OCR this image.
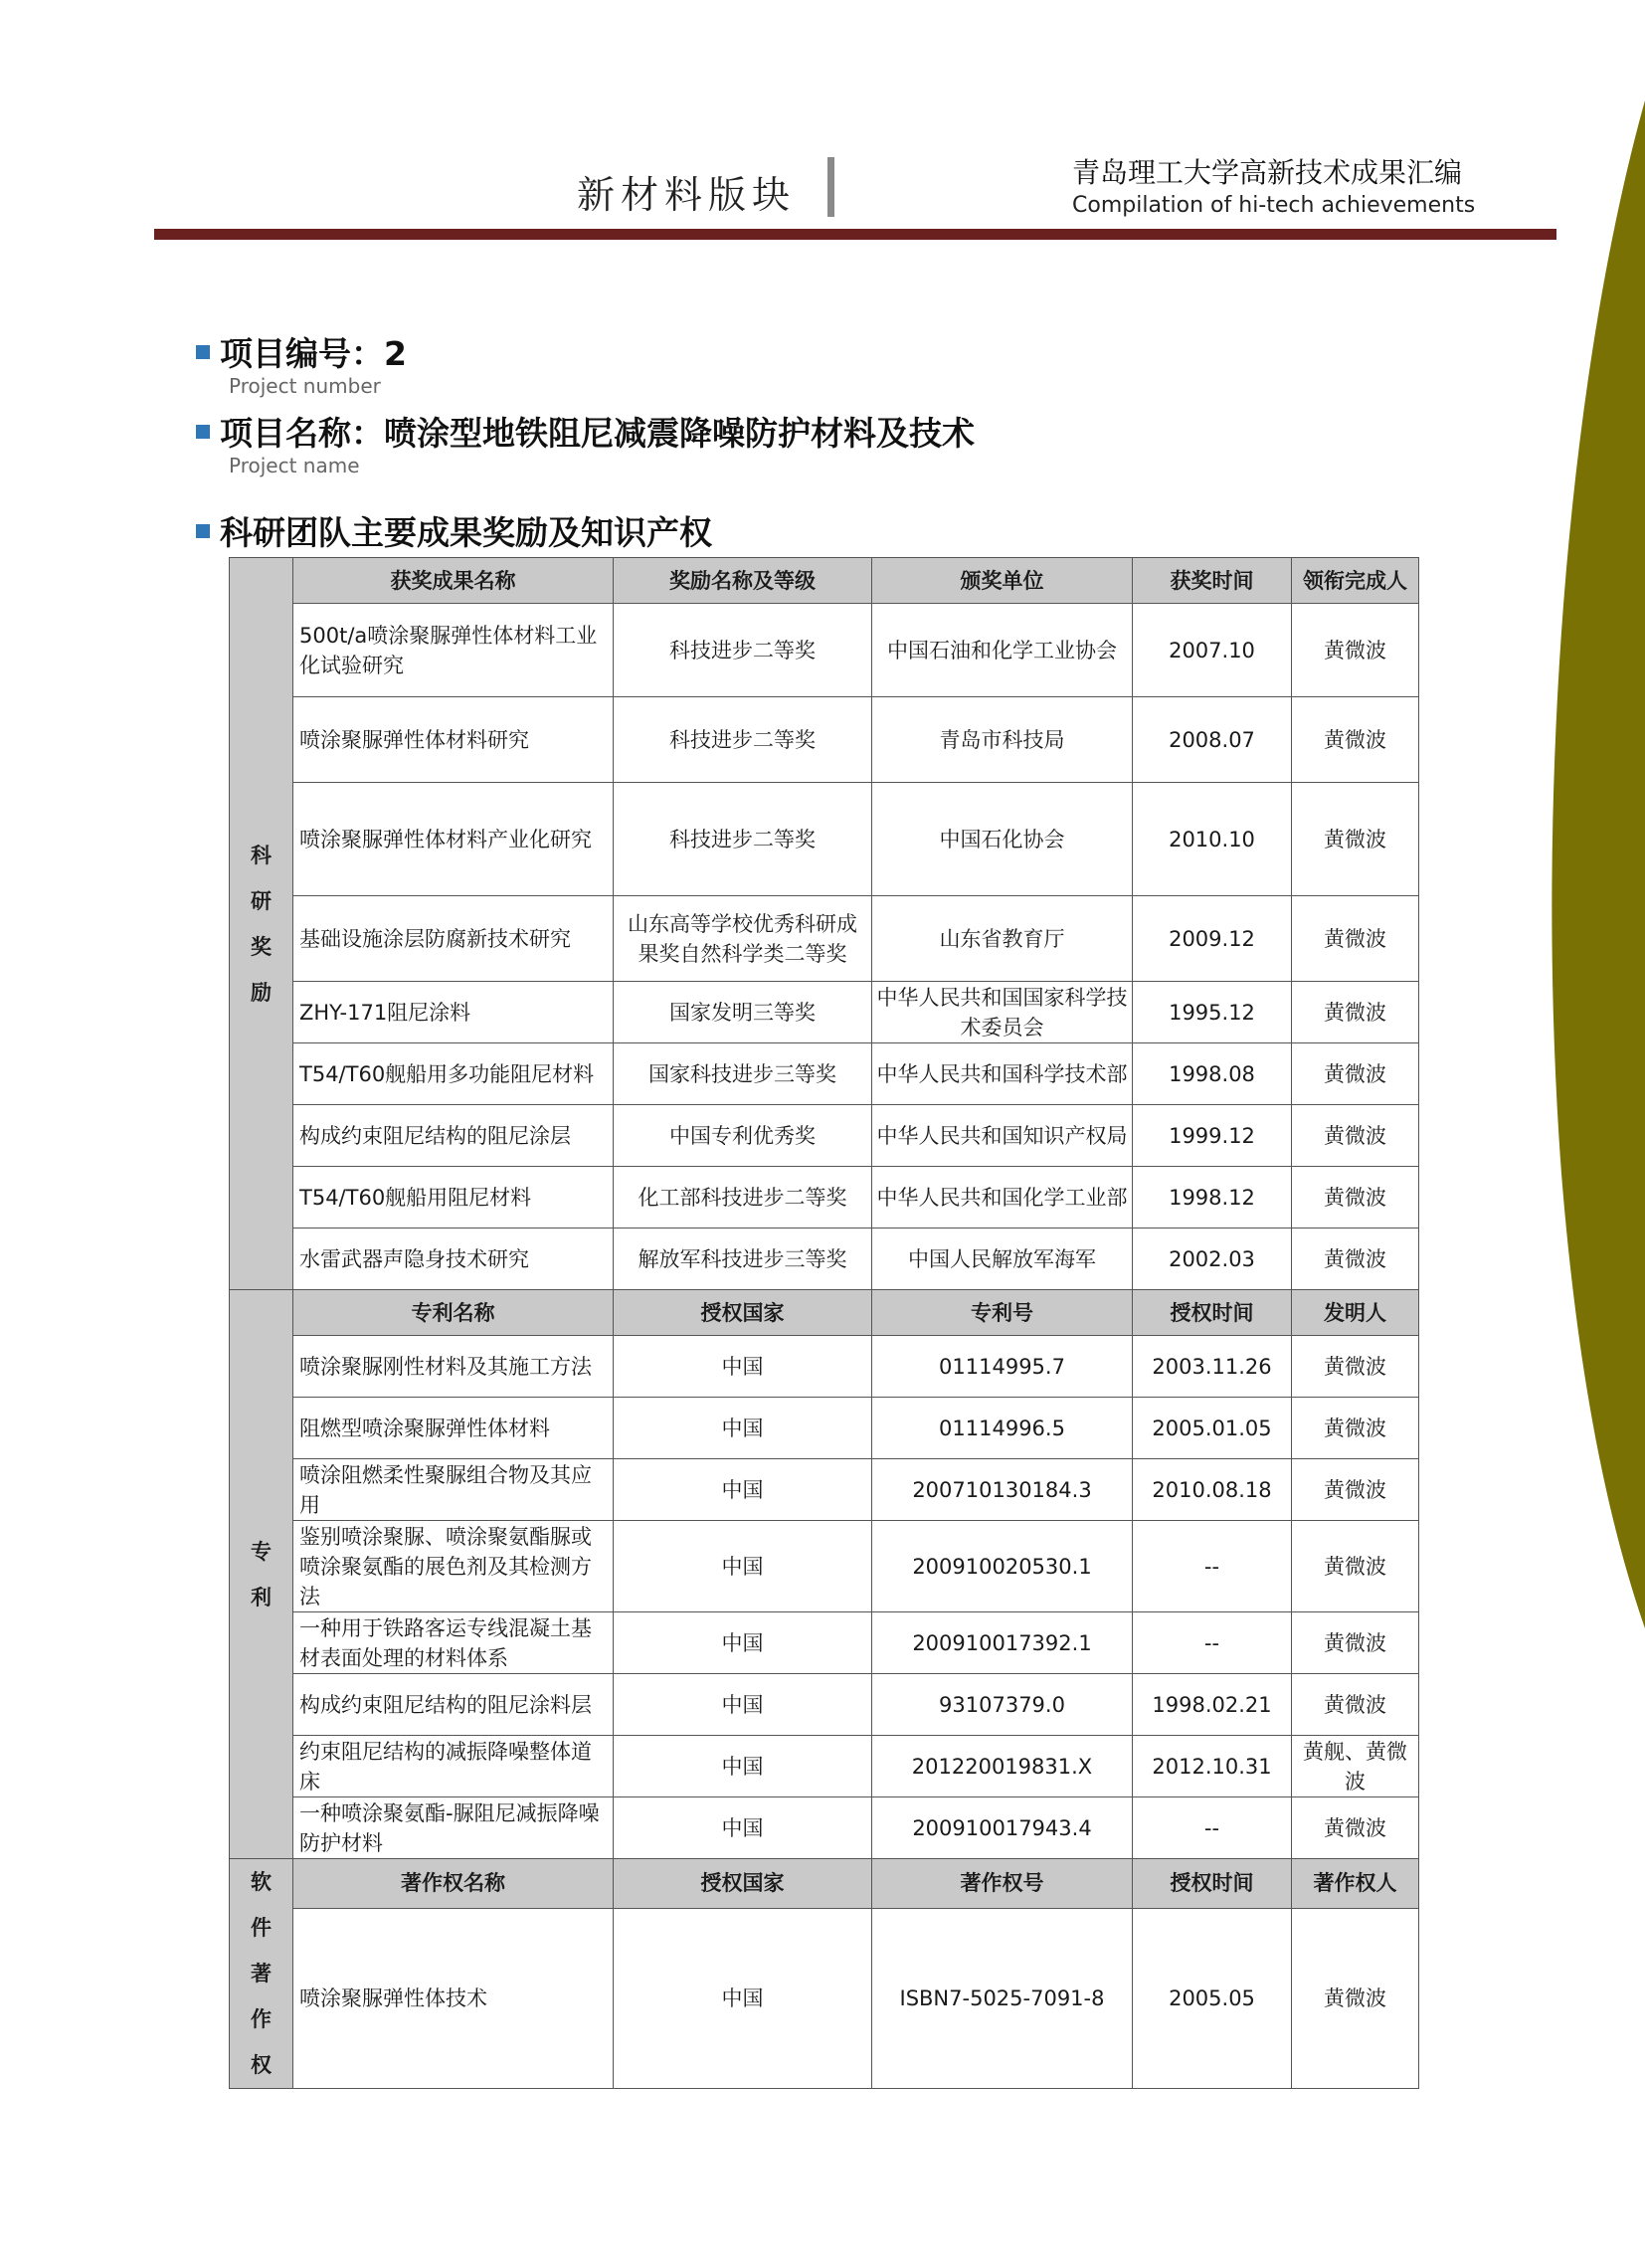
新材料版块
青岛理工大学高新技术成果汇编
Compilation of hi-tech achievements
项目编号：2
Project number
项目名称：喷涂型地铁阻尼减震降噪防护材料及技术
Project name
科研团队主要成果奖励及知识产权
科
研
奖
励	获奖成果名称	奖励名称及等级	颁奖单位	获奖时间	领衔完成人
	500t/a喷涂聚脲弹性体材料工业化试验研究	科技进步二等奖	中国石油和化学工业协会	2007.10	黄微波
	喷涂聚脲弹性体材料研究	科技进步二等奖	青岛市科技局	2008.07	黄微波
	喷涂聚脲弹性体材料产业化研究	科技进步二等奖	中国石化协会	2010.10	黄微波
	基础设施涂层防腐新技术研究	山东高等学校优秀科研成果奖自然科学类二等奖	山东省教育厅	2009.12	黄微波
	ZHY-171阻尼涂料	国家发明三等奖	中华人民共和国国家科学技术委员会	1995.12	黄微波
	T54/T60舰船用多功能阻尼材料	国家科技进步三等奖	中华人民共和国科学技术部	1998.08	黄微波
	构成约束阻尼结构的阻尼涂层	中国专利优秀奖	中华人民共和国知识产权局	1999.12	黄微波
	T54/T60舰船用阻尼材料	化工部科技进步二等奖	中华人民共和国化学工业部	1998.12	黄微波
	水雷武器声隐身技术研究	解放军科技进步三等奖	中国人民解放军海军	2002.03	黄微波

专
利	专利名称	授权国家	专利号	授权时间	发明人
	喷涂聚脲刚性材料及其施工方法	中国	01114995.7	2003.11.26	黄微波
	阻燃型喷涂聚脲弹性体材料	中国	01114996.5	2005.01.05	黄微波
	喷涂阻燃柔性聚脲组合物及其应用	中国	200710130184.3	2010.08.18	黄微波
	鉴别喷涂聚脲、喷涂聚氨酯脲或喷涂聚氨酯的展色剂及其检测方法	中国	200910020530.1	--	黄微波
	一种用于铁路客运专线混凝土基材表面处理的材料体系	中国	200910017392.1	--	黄微波
	构成约束阻尼结构的阻尼涂料层	中国	93107379.0	1998.02.21	黄微波
	约束阻尼结构的减振降噪整体道床	中国	201220019831.X	2012.10.31	黄舰、黄微波
	一种喷涂聚氨酯-脲阻尼减振降噪防护材料	中国	200910017943.4	--	黄微波

软
件
著
作
权	著作权名称	授权国家	著作权号	授权时间	著作权人
	喷涂聚脲弹性体技术	中国	ISBN7-5025-7091-8	2005.05	黄微波
